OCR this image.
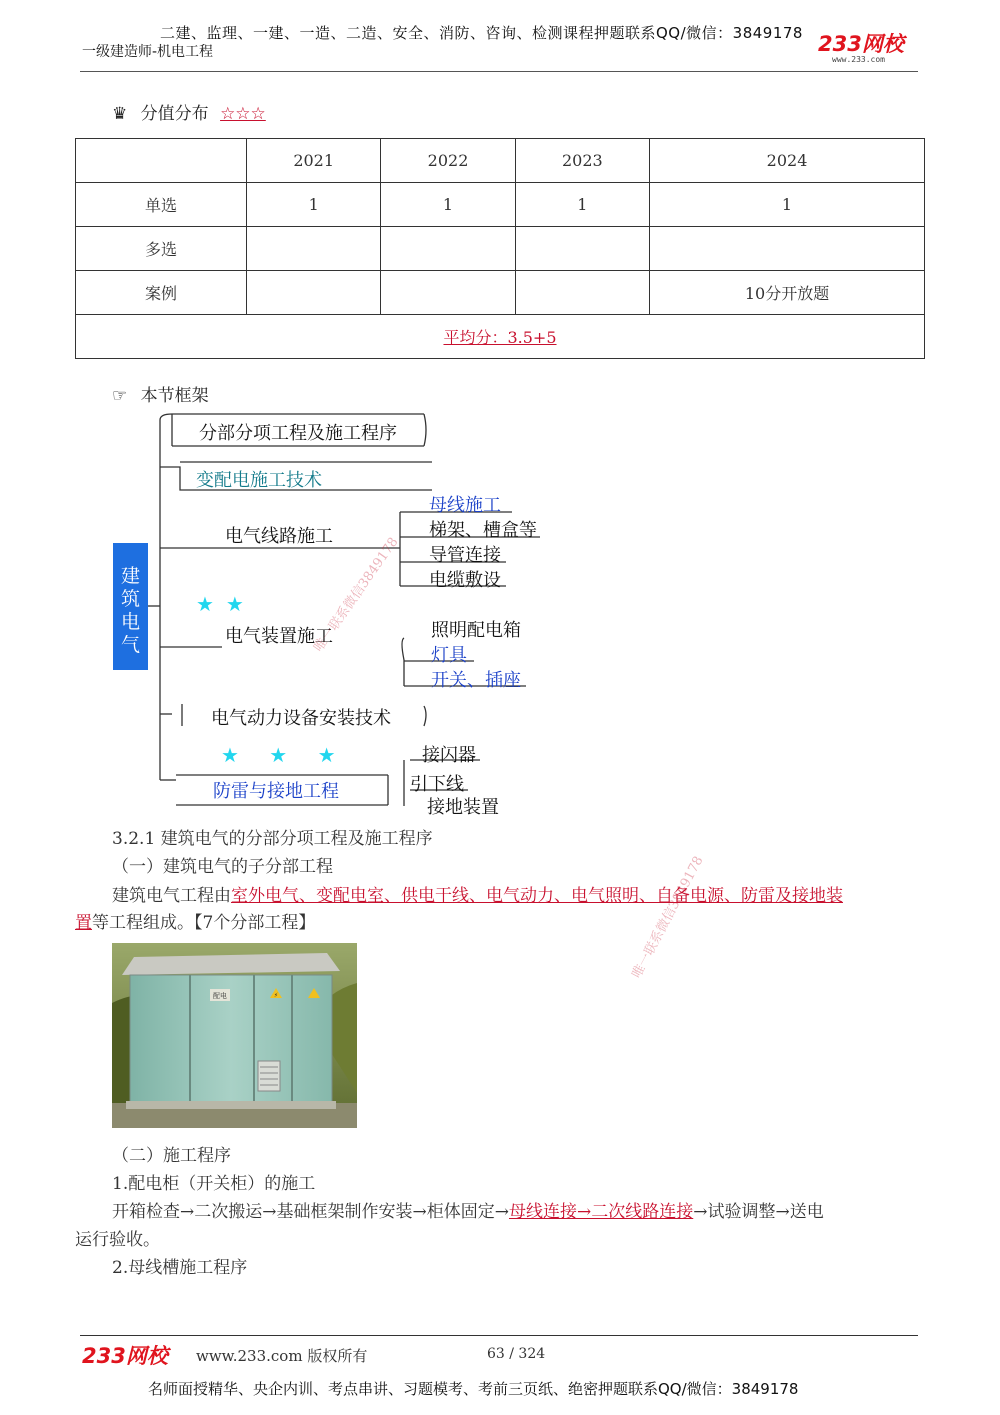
二建、监理、一建、一造、二造、安全、消防、咨询、检测课程押题联系QQ/微信：3849178
一级建造师-机电工程	233网校
www.233.com
♛ 分值分布 ☆☆☆
	2021	2022	2023	2024
单选	1	1	1	1
多选				
案例				10分开放题
平均分：3.5+5				
☞ 本节框架
建筑电气
分部分项工程及施工程序
变配电施工技术
电气线路施工
母线施工
梯架、槽盒等
导管连接
电缆敷设
★★
电气装置施工	照明配电箱
灯具
开关、插座
电气动力设备安装技术
★ ★ ★
防雷与接地工程
接闪器
引下线
接地装置
唯一联系微信3849178
唯一联系微信3849178
3.2.1 建筑电气的分部分项工程及施工程序
（一）建筑电气的子分部工程
建筑电气工程由室外电气、变配电室、供电干线、电气动力、电气照明、自备电源、防雷及接地装
置等工程组成。【7个分部工程】
配电	⚡
（二）施工程序
1.配电柜（开关柜）的施工
开箱检查→二次搬运→基础框架制作安装→柜体固定→母线连接→二次线路连接→试验调整→送电
运行验收。
2.母线槽施工程序
233网校 www.233.com 版权所有	63 / 324
名师面授精华、央企内训、考点串讲、习题模考、考前三页纸、绝密押题联系QQ/微信：3849178
